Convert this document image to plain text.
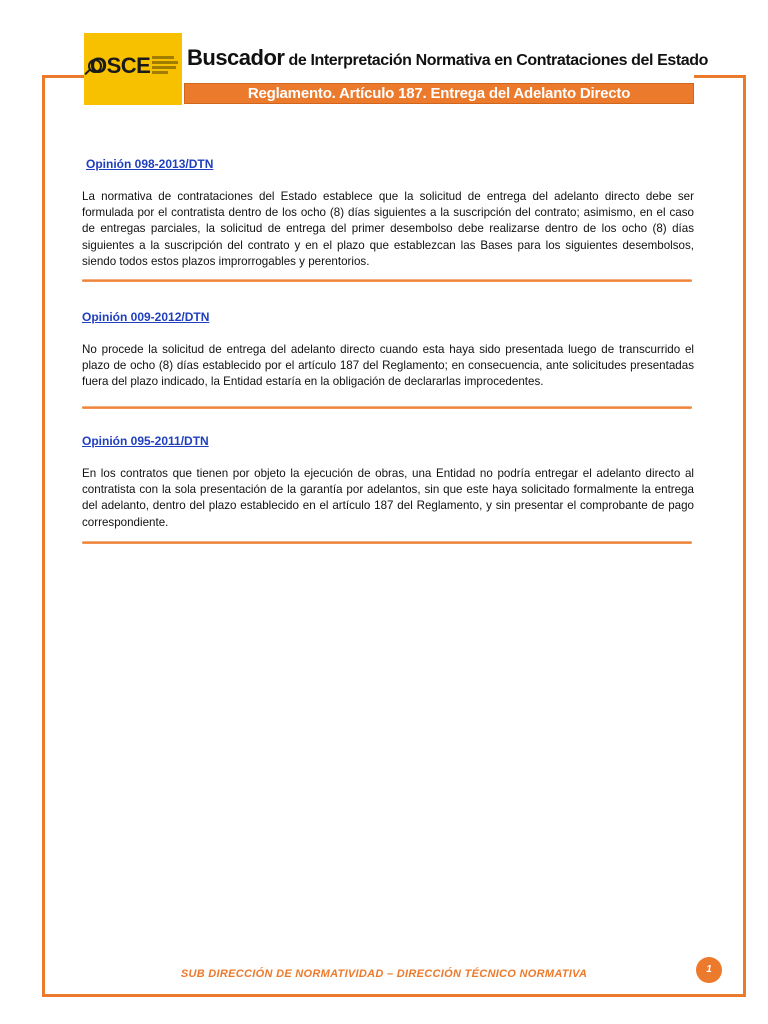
OSCE Buscador de Interpretación Normativa en Contrataciones del Estado
Reglamento. Artículo 187. Entrega del Adelanto Directo
Opinión 098-2013/DTN
La normativa de contrataciones del Estado establece que la solicitud de entrega del adelanto directo debe ser formulada por el contratista dentro de los ocho (8) días siguientes a la suscripción del contrato; asimismo, en el caso de entregas parciales, la solicitud de entrega del primer desembolso debe realizarse dentro de los ocho (8) días siguientes a la suscripción del contrato y en el plazo que establezcan las Bases para los siguientes desembolsos, siendo todos estos plazos improrrogables y perentorios.
Opinión 009-2012/DTN
No procede la solicitud de entrega del adelanto directo cuando esta haya sido presentada luego de transcurrido el plazo de ocho (8) días establecido por el artículo 187 del Reglamento; en consecuencia, ante solicitudes presentadas fuera del plazo indicado, la Entidad estaría en la obligación de declararlas improcedentes.
Opinión 095-2011/DTN
En los contratos que tienen por objeto la ejecución de obras, una Entidad no podría entregar el adelanto directo al contratista con la sola presentación de la garantía por adelantos, sin que este haya solicitado formalmente la entrega del adelanto, dentro del plazo establecido en el artículo 187 del Reglamento, y sin presentar el comprobante de pago correspondiente.
SUB DIRECCIÓN DE NORMATIVIDAD – DIRECCIÓN TÉCNICO NORMATIVA	1
